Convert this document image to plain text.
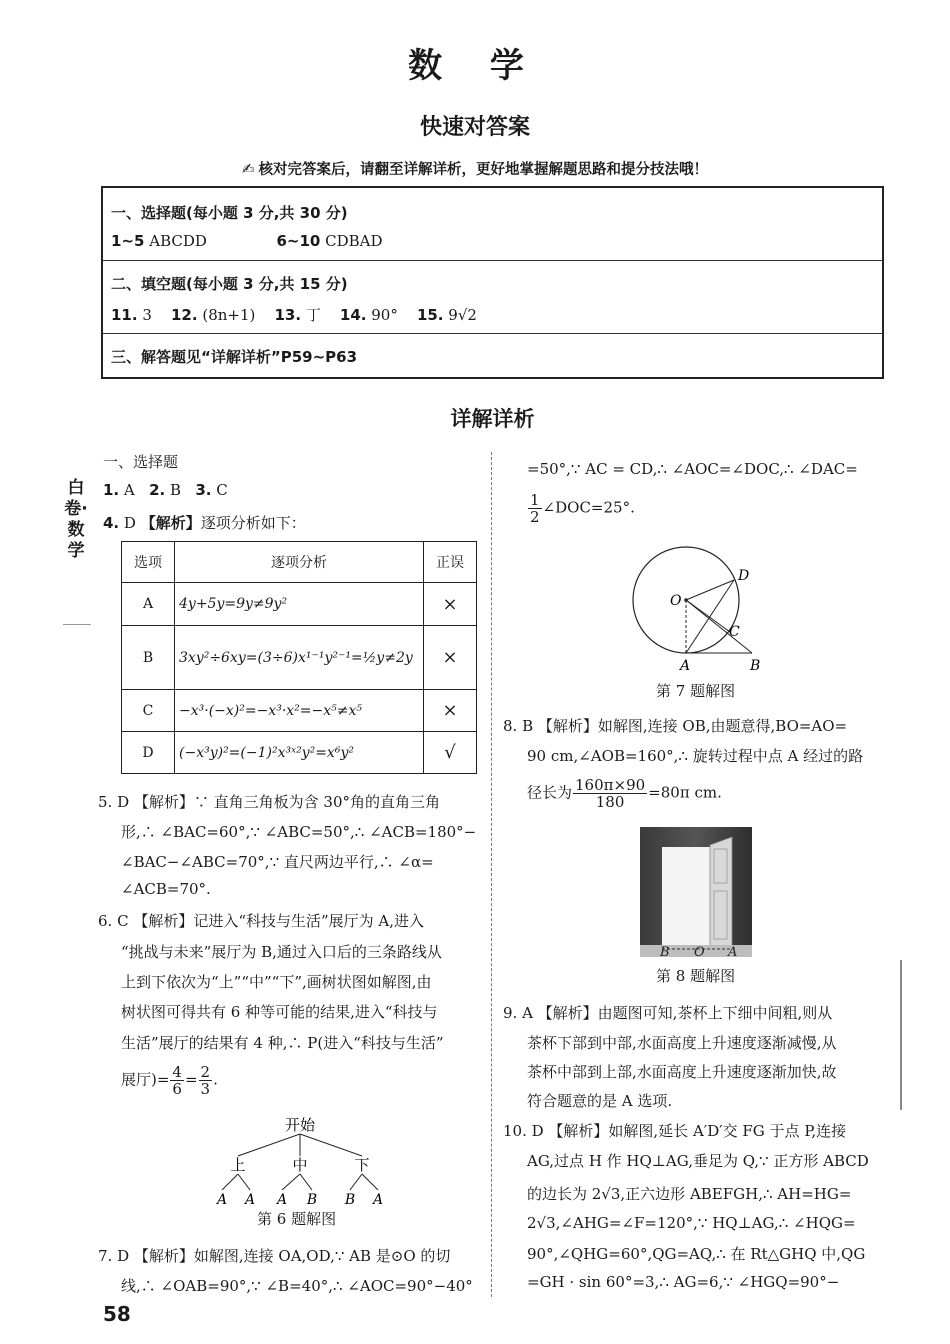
数 学
快速对答案
✍ 核对完答案后，请翻至详解详析，更好地掌握解题思路和提分技法哦！
一、选择题(每小题 3 分,共 30 分)
1~5 ABCDD	6~10 CDBAD
二、填空题(每小题 3 分,共 15 分)
11. 3 12. (8n+1) 13. 丁 14. 90° 15. 9√2
三、解答题见“详解详析”P59~P63
详解详析
白卷·数学
一、选择题
1. A 2. B 3. C
4. D 【解析】逐项分析如下：
选项	逐项分析	正误
A	4y+5y=9y≠9y²	×
B	3xy²÷6xy=(3÷6)x¹⁻¹y²⁻¹=½y≠2y	×
C	−x³·(−x)²=−x³·x²=−x⁵≠x⁵	×
D	(−x³y)²=(−1)²x³ˣ²y²=x⁶y²	√
5. D 【解析】∵ 直角三角板为含 30°角的直角三角
形,∴ ∠BAC=60°,∵ ∠ABC=50°,∴ ∠ACB=180°−
∠BAC−∠ABC=70°,∵ 直尺两边平行,∴ ∠α=
∠ACB=70°.
6. C 【解析】记进入“科技与生活”展厅为 A,进入
“挑战与未来”展厅为 B,通过入口后的三条路线从
上到下依次为“上”“中”“下”,画树状图如解图,由
树状图可得共有 6 种等可能的结果,进入“科技与
生活”展厅的结果有 4 种,∴ P(进入“科技与生活”
展厅)= $\frac{4}{6} = \frac{2}{3}$ .
开始
上	中	下
A A A B B A
第 6 题解图
7. D 【解析】如解图,连接 OA,OD,∵ AB 是⊙O 的切
线,∴ ∠OAB=90°,∵ ∠B=40°,∴ ∠AOC=90°−40°
58
=50°,∵ AC = CD,∴ ∠AOC=∠DOC,∴ ∠DAC=
$\frac{1}{2}$ ∠DOC=25°.
O
D
C
A	B
第 7 题解图
8. B 【解析】如解图,连接 OB,由题意得,BO=AO=
90 cm,∠AOB=160°,∴ 旋转过程中点 A 经过的路
径长为 $\frac{160\pi\times 90}{180} =80\pi$ cm.
B O A
第 8 题解图
9. A 【解析】由题图可知,茶杯上下细中间粗,则从
茶杯下部到中部,水面高度上升速度逐渐减慢,从
茶杯中部到上部,水面高度上升速度逐渐加快,故
符合题意的是 A 选项.
10. D 【解析】如解图,延长 A′D′交 FG 于点 P,连接
AG,过点 H 作 HQ⊥AG,垂足为 Q,∵ 正方形 ABCD
的边长为 2√3,正六边形 ABEFGH,∴ AH=HG=
2√3,∠AHG=∠F=120°,∵ HQ⊥AG,∴ ∠HQG=
90°,∠QHG=60°,QG=AQ,∴ 在 Rt△GHQ 中,QG
=GH · sin 60°=3,∴ AG=6,∵ ∠HGQ=90°−
